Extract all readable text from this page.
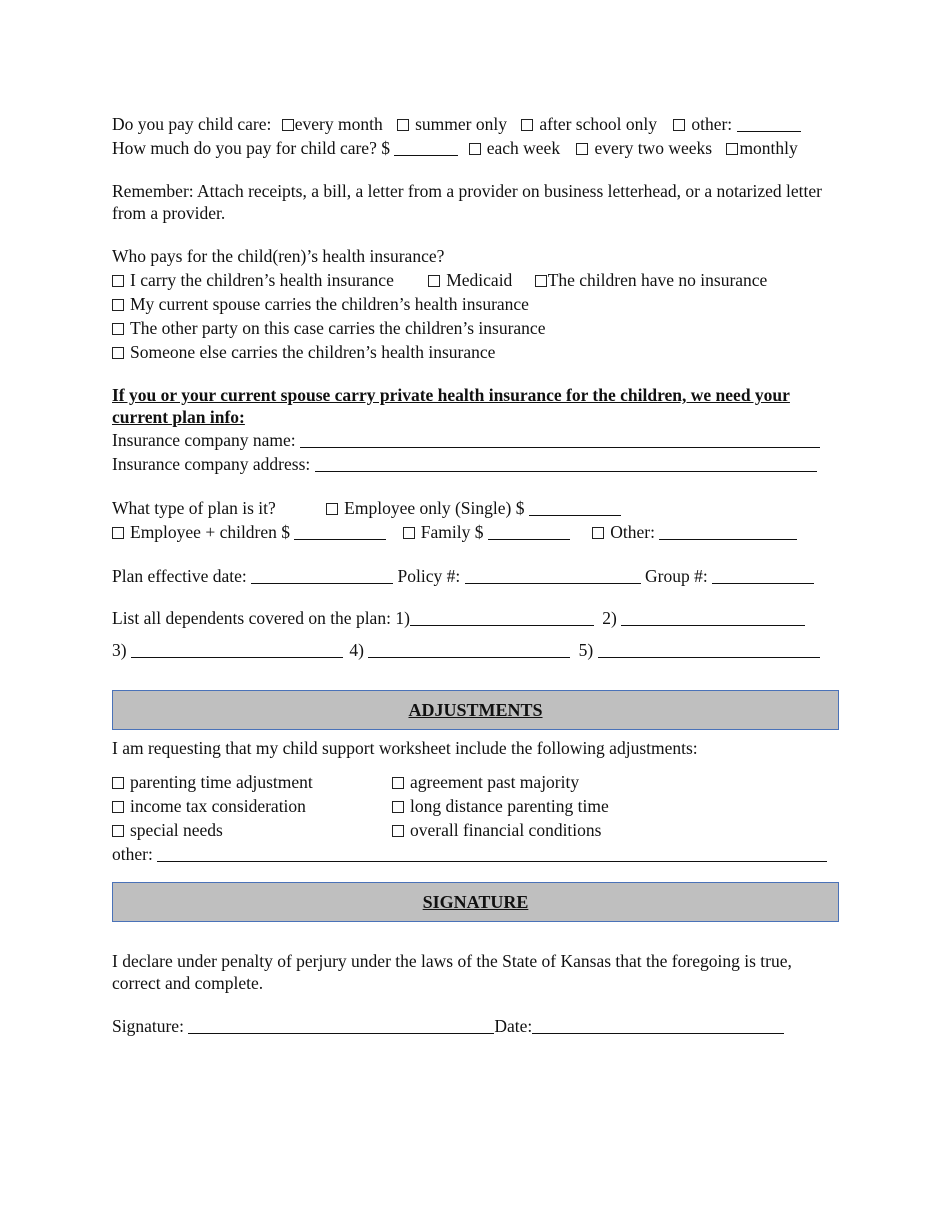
Do you pay child care: every month summer only after school only other:
How much do you pay for child care? $	each week every two weeks monthly
Remember: Attach receipts, a bill, a letter from a provider on business letterhead, or a notarized letter from a provider.
Who pays for the child(ren)’s health insurance?
I carry the children’s health insurance	Medicaid The children have no insurance
My current spouse carries the children’s health insurance
The other party on this case carries the children’s insurance
Someone else carries the children’s health insurance
If you or your current spouse carry private health insurance for the children, we need your current plan info:
Insurance company name:
Insurance company address:
What type of plan is it?	Employee only (Single) $
Employee + children $	Family $	Other:
Plan effective date:	Policy #:	Group #:
List all dependents covered on the plan: 1)	2)
3)	4)	5)
ADJUSTMENTS
I am requesting that my child support worksheet include the following adjustments:
parenting time adjustment	agreement past majority
income tax consideration	long distance parenting time
special needs	overall financial conditions
other:
SIGNATURE
I declare under penalty of perjury under the laws of the State of Kansas that the foregoing is true, correct and complete.
Signature:	Date:
